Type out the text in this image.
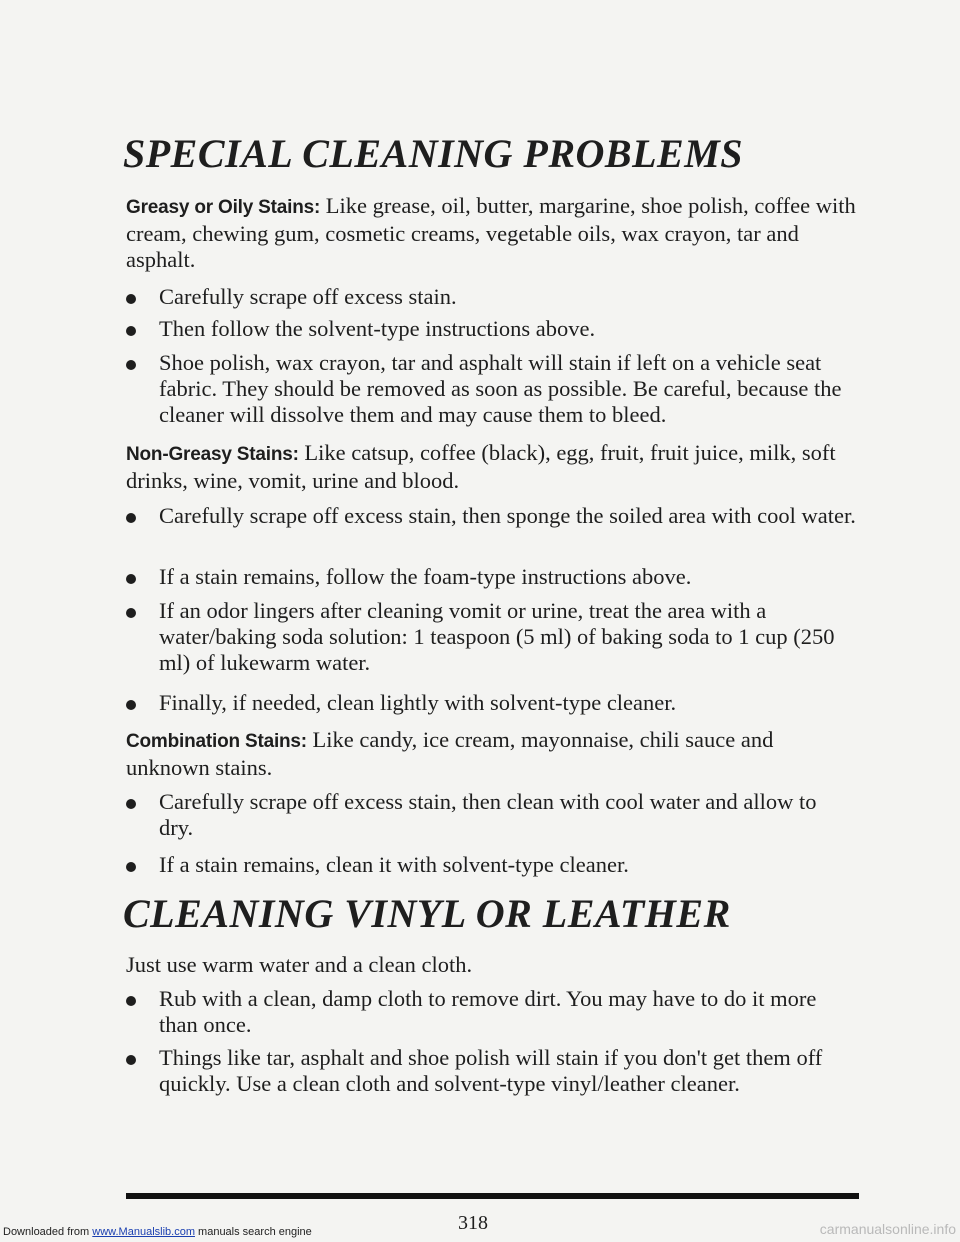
SPECIAL CLEANING PROBLEMS

Greasy or Oily Stains: Like grease, oil, butter, margarine, shoe polish, coffee with cream, chewing gum, cosmetic creams, vegetable oils, wax crayon, tar and asphalt.

Carefully scrape off excess stain.
Then follow the solvent-type instructions above.
Shoe polish, wax crayon, tar and asphalt will stain if left on a vehicle seat fabric. They should be removed as soon as possible. Be careful, because the cleaner will dissolve them and may cause them to bleed.

Non-Greasy Stains: Like catsup, coffee (black), egg, fruit, fruit juice, milk, soft drinks, wine, vomit, urine and blood.

Carefully scrape off excess stain, then sponge the soiled area with cool water.
If a stain remains, follow the foam-type instructions above.
If an odor lingers after cleaning vomit or urine, treat the area with a water/baking soda solution: 1 teaspoon (5 ml) of baking soda to 1 cup (250 ml) of lukewarm water.
Finally, if needed, clean lightly with solvent-type cleaner.

Combination Stains: Like candy, ice cream, mayonnaise, chili sauce and unknown stains.

Carefully scrape off excess stain, then clean with cool water and allow to dry.
If a stain remains, clean it with solvent-type cleaner.
CLEANING VINYL OR LEATHER

Just use warm water and a clean cloth.

Rub with a clean, damp cloth to remove dirt. You may have to do it more than once.
Things like tar, asphalt and shoe polish will stain if you don't get them off quickly. Use a clean cloth and solvent-type vinyl/leather cleaner.
318
Downloaded from www.Manualslib.com manuals search engine	carmanualsonline.info
